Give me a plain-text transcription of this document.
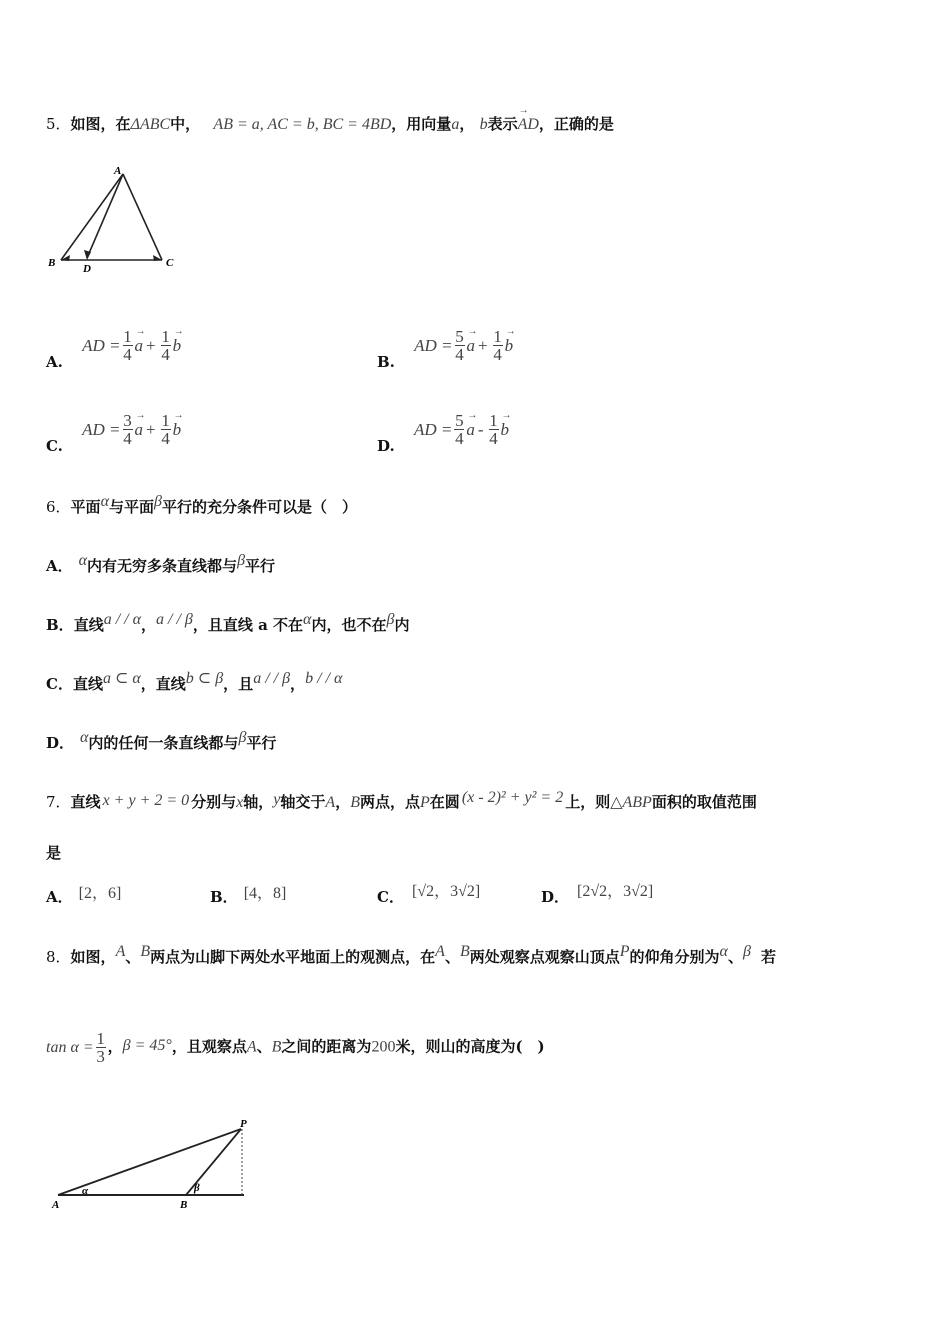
5．如图，在ΔABC中， AB = a, AC = b, BC = 4BD，用向量a， b表示→ AD，正确的是
A
B	D	C
A.
AD = $\frac{1}{4}$
→ $a + \frac{1}{4}$
→ b
B.
AD = $\frac{5}{4}$
→ $a + \frac{1}{4}$
→ b
C.
AD = $\frac{3}{4}$
→ $a + \frac{1}{4}$
→ b
D.
AD = $\frac{5}{4}$
→ a - $\frac{1}{4}$
→ b
6．平面α与平面β平行的充分条件可以是（　）
A． α内有无穷多条直线都与β平行
B．直线a / / α，a / / β，且直线 a 不在α内，也不在β内
C．直线a ⊂ α，直线b ⊂ β，且a / / β，b / / α
D． α内的任何一条直线都与β平行
7．直线 x + y + 2 = 0 分别与x轴，y轴交于A，B两点，点P在圆 (x - 2)² + y² = 2 上，则△ABP面积的取值范围
是
A． [2，6]	B． [4，8]	C． [√2，3√2]	D． [2√2，3√2]
8．如图，A、B两点为山脚下两处水平地面上的观测点，在A、B两处观察点观察山顶点P的仰角分别为α、β 若
$\tan \alpha = \frac{1}{3}$ ，β = 45°，且观察点A、B之间的距离为200米，则山的高度为(　)
P
A	B
α	β
